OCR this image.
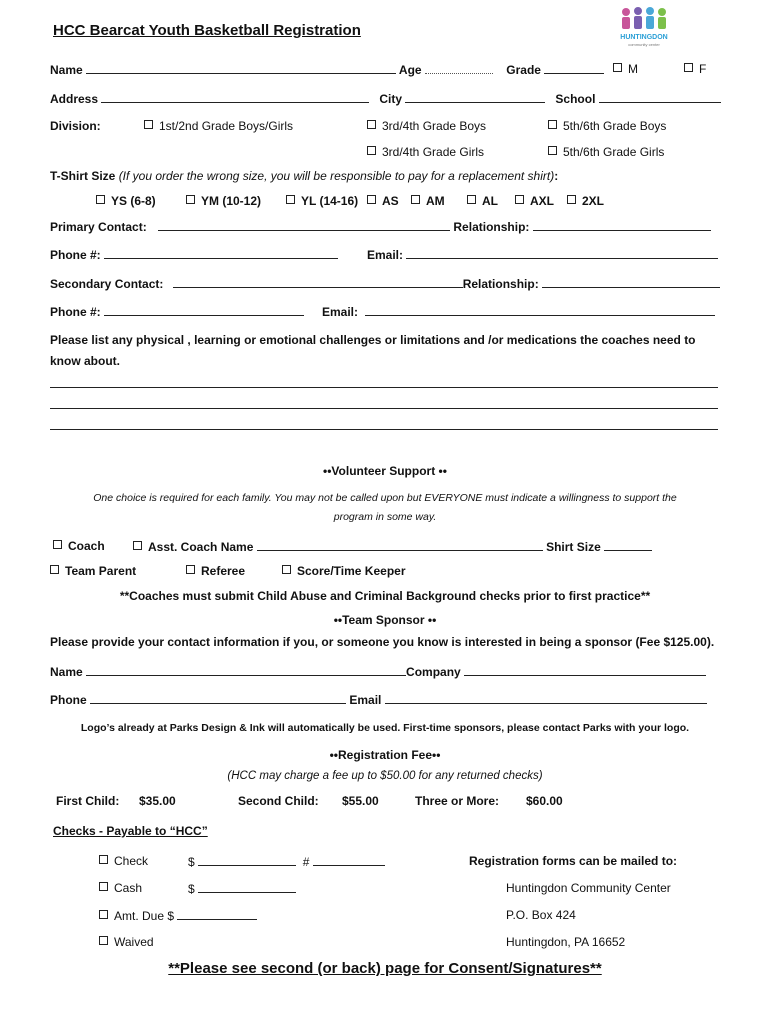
HCC Bearcat Youth Basketball Registration	HUNTINGDON
community center
Name	Age	Grade	M	F
Address	City	School
Division:	1st/2nd Grade Boys/Girls	3rd/4th Grade Boys	5th/6th Grade Boys
3rd/4th Grade Girls	5th/6th Grade Girls
T-Shirt Size (If you order the wrong size, you will be responsible to pay for a replacement shirt):
YS (6-8)	YM (10-12)	YL (14-16)	AS	AM	AL	AXL	2XL
Primary Contact:	Relationship:
Phone #:	Email:
Secondary Contact:	Relationship:
Phone #:	Email:
Please list any physical , learning or emotional challenges or limitations and /or medications the coaches need to
know about.
••Volunteer Support ••
One choice is required for each family. You may not be called upon but EVERYONE must indicate a willingness to support the
program in some way.
Coach	Asst. Coach Name	Shirt Size
Team Parent	Referee	Score/Time Keeper
**Coaches must submit Child Abuse and Criminal Background checks prior to first practice**
••Team Sponsor ••
Please provide your contact information if you, or someone you know is interested in being a sponsor (Fee $125.00).
Name	Company
Phone	Email
Logo’s already at Parks Design & Ink will automatically be used. First-time sponsors, please contact Parks with your logo.
••Registration Fee••
(HCC may charge a fee up to $50.00 for any returned checks)
First Child: $35.00	Second Child: $55.00	Three or More: $60.00
Checks - Payable to “HCC”
Check	$	#
Cash	$
Amt. Due $
Waived
Registration forms can be mailed to:
Huntingdon Community Center
P.O. Box 424
Huntingdon, PA 16652
**Please see second (or back) page for Consent/Signatures**
